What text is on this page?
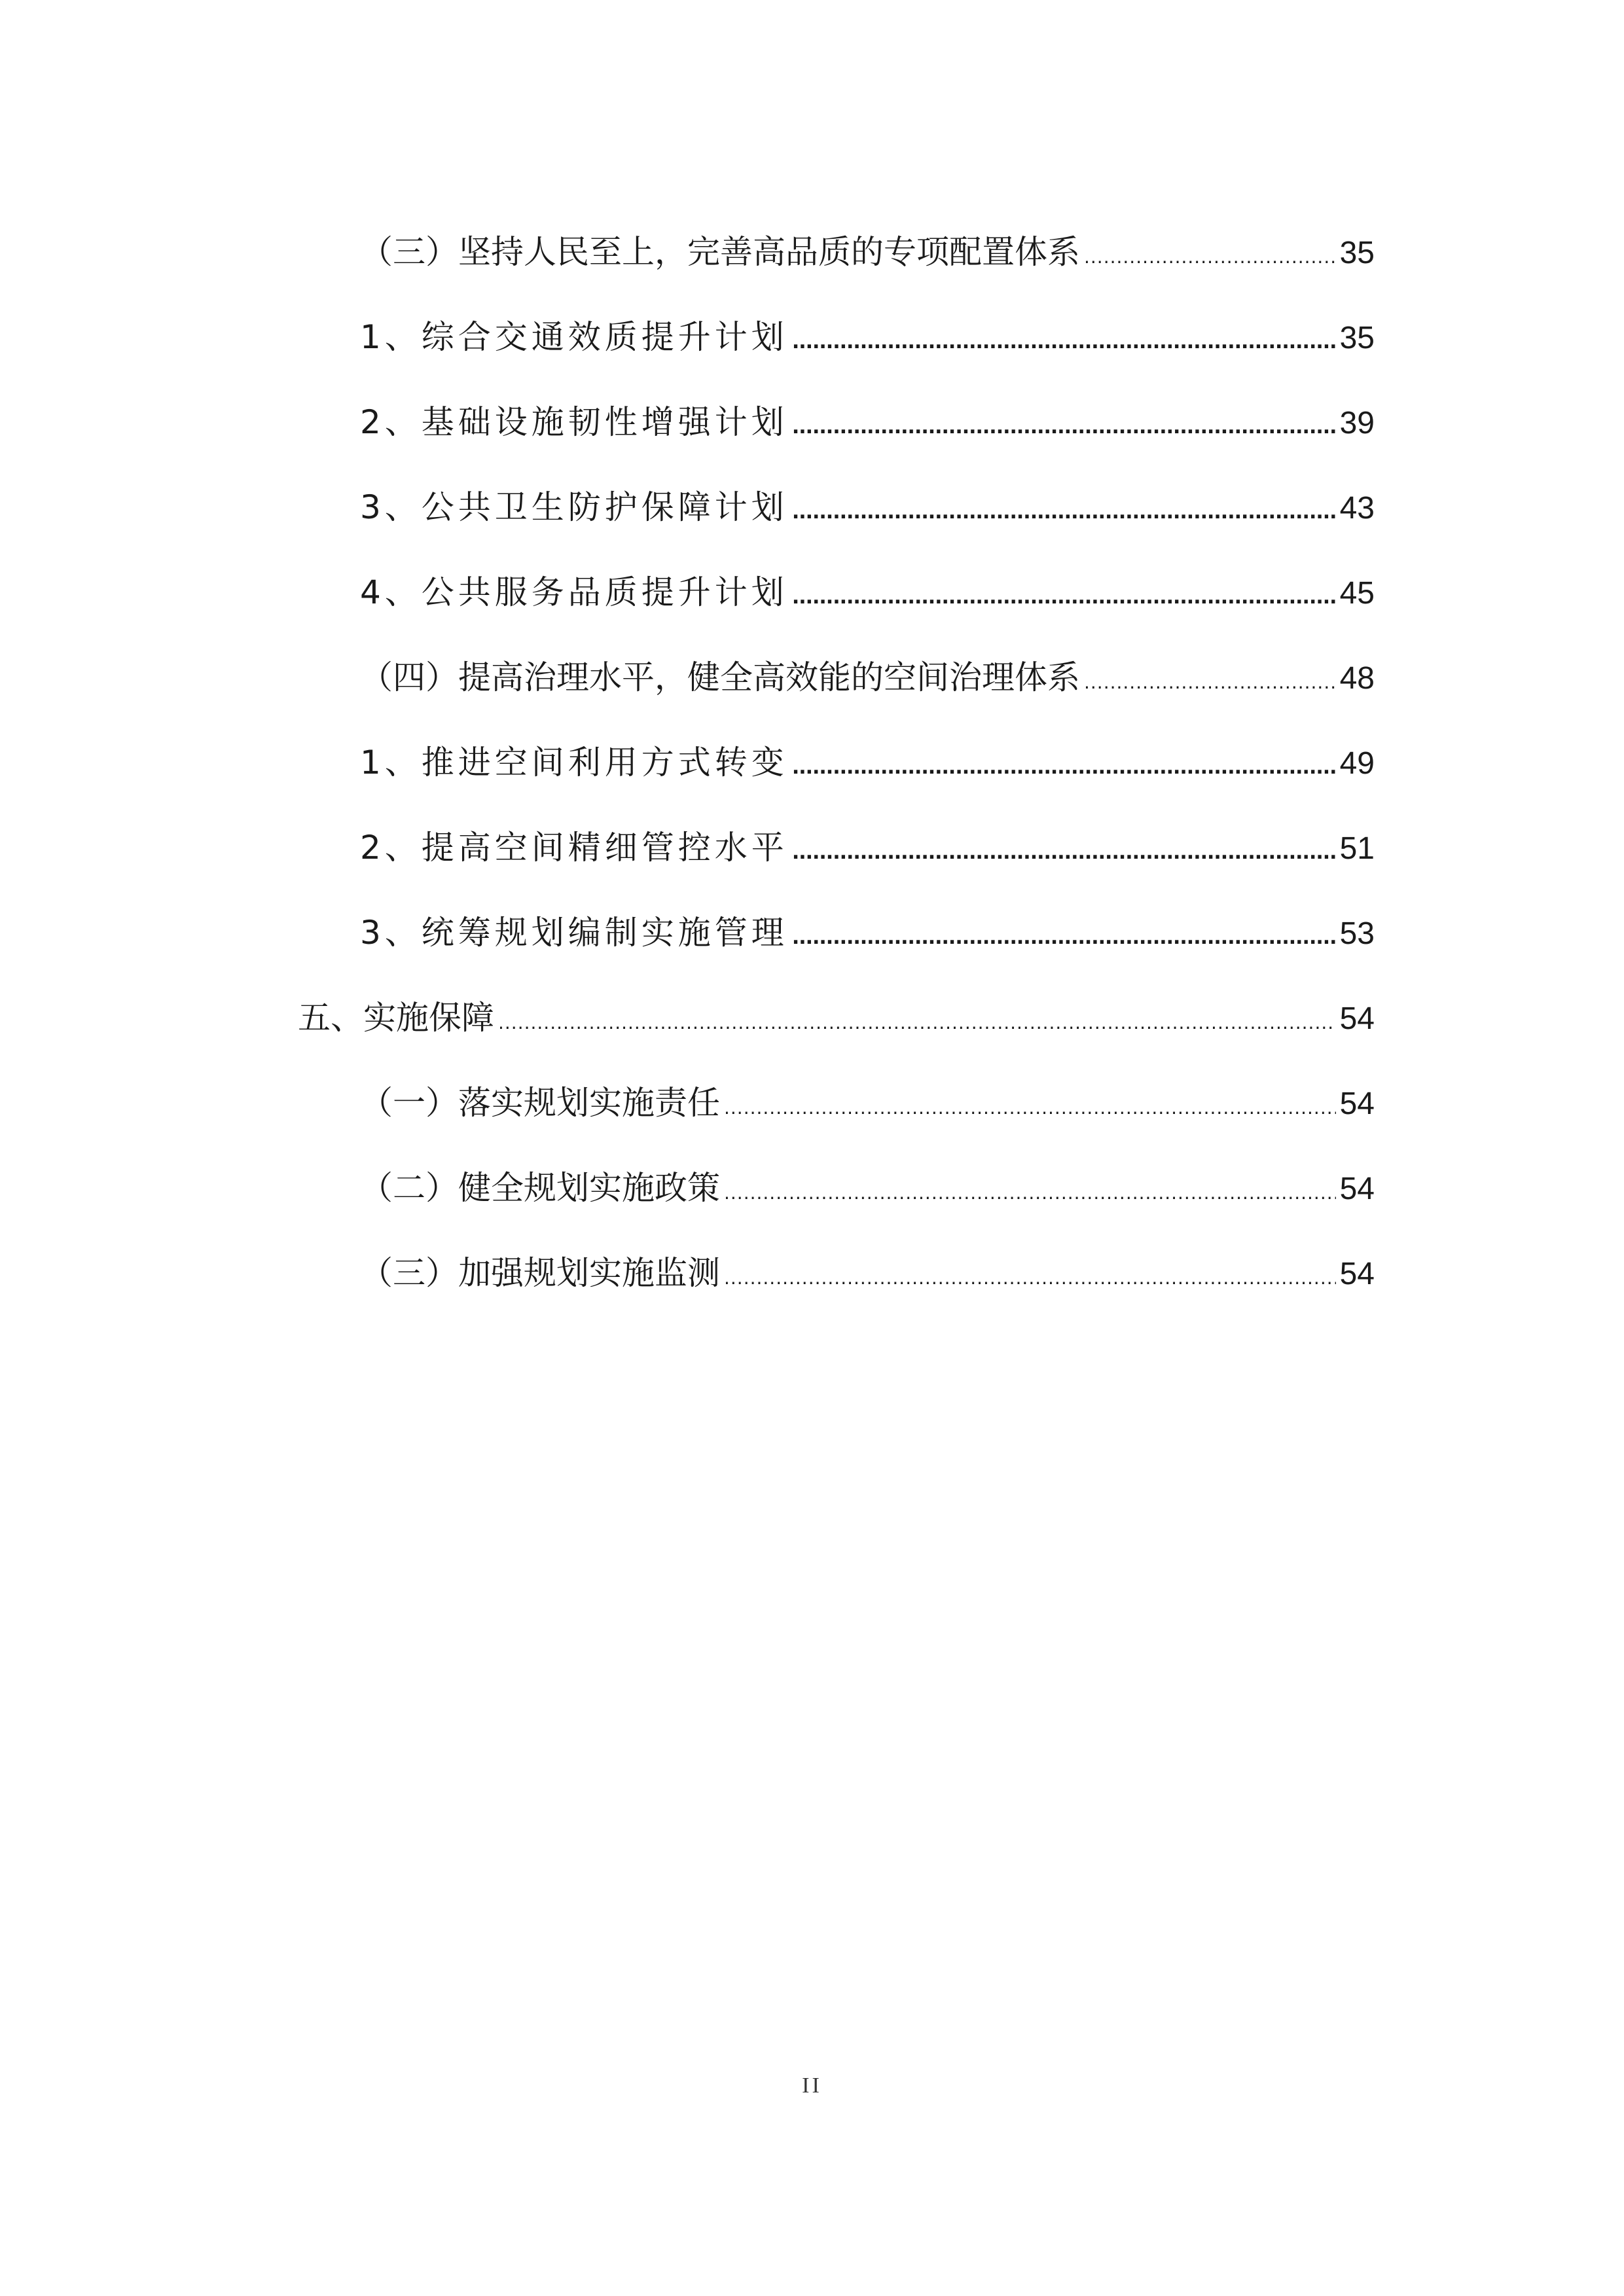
（三）坚持人民至上，完善高品质的专项配置体系 .....	35
1、综合交通效质提升计划 .....	35
2、基础设施韧性增强计划 .....	39
3、公共卫生防护保障计划 .....	43
4、公共服务品质提升计划 .....	45
（四）提高治理水平，健全高效能的空间治理体系 .....	48
1、推进空间利用方式转变 .....	49
2、提高空间精细管控水平 .....	51
3、统筹规划编制实施管理 .....	53
五、实施保障 .....	54
（一）落实规划实施责任 .....	54
（二）健全规划实施政策 .....	54
（三）加强规划实施监测 .....	54
II
